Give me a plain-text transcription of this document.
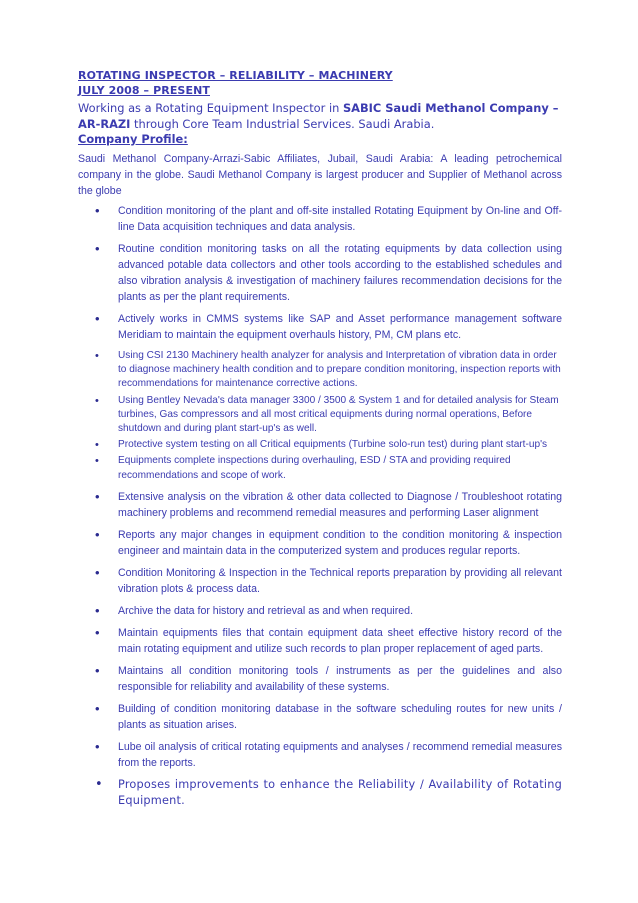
ROTATING INSPECTOR – RELIABILITY – MACHINERY
JULY 2008 – PRESENT
Working as a Rotating Equipment Inspector in SABIC Saudi Methanol Company – AR-RAZI through Core Team Industrial Services. Saudi Arabia.
Company Profile:
Saudi Methanol Company-Arrazi-Sabic Affiliates, Jubail, Saudi Arabia: A leading petrochemical company in the globe. Saudi Methanol Company is largest producer and Supplier of Methanol across the globe
• Condition monitoring of the plant and off-site installed Rotating Equipment by On-line and Off-line Data acquisition techniques and data analysis.
• Routine condition monitoring tasks on all the rotating equipments by data collection using advanced potable data collectors and other tools according to the established schedules and also vibration analysis & investigation of machinery failures recommendation decisions for the plants as per the plant requirements.
• Actively works in CMMS systems like SAP and Asset performance management software Meridiam to maintain the equipment overhauls history, PM, CM plans etc.
• Using CSI 2130 Machinery health analyzer for analysis and Interpretation of vibration data in order to diagnose machinery health condition and to prepare condition monitoring, inspection reports with recommendations for maintenance corrective actions.
• Using Bentley Nevada's data manager 3300 / 3500 & System 1 and for detailed analysis for Steam turbines, Gas compressors and all most critical equipments during normal operations, Before shutdown and during plant start-up's as well.
• Protective system testing on all Critical equipments (Turbine solo-run test) during plant start-up's
• Equipments complete inspections during overhauling, ESD / STA and providing required recommendations and scope of work.
• Extensive analysis on the vibration & other data collected to Diagnose / Troubleshoot rotating machinery problems and recommend remedial measures and performing Laser alignment
• Reports any major changes in equipment condition to the condition monitoring & inspection engineer and maintain data in the computerized system and produces regular reports.
• Condition Monitoring & Inspection in the Technical reports preparation by providing all relevant vibration plots & process data.
• Archive the data for history and retrieval as and when required.
• Maintain equipments files that contain equipment data sheet effective history record of the main rotating equipment and utilize such records to plan proper replacement of aged parts.
• Maintains all condition monitoring tools / instruments as per the guidelines and also responsible for reliability and availability of these systems.
• Building of condition monitoring database in the software scheduling routes for new units / plants as situation arises.
• Lube oil analysis of critical rotating equipments and analyses / recommend remedial measures from the reports.
• Proposes improvements to enhance the Reliability / Availability of Rotating Equipment.
